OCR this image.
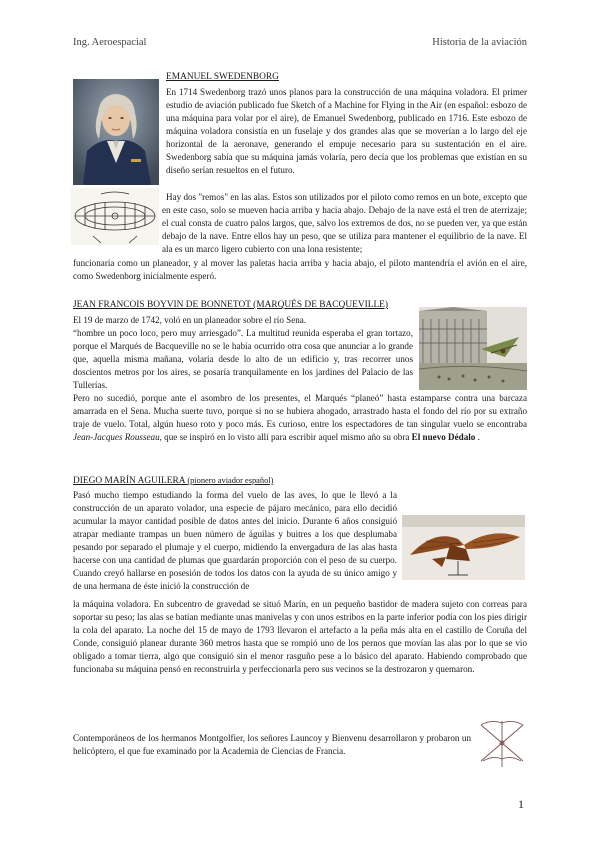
Ing. Aeroespacial	Historia de la aviación
EMANUEL SWEDENBORG

En 1714 Swedenborg trazó unos planos para la construcción de una máquina voladora. El primer estudio de aviación publicado fue Sketch of a Machine for Flying in the Air (en español: esbozo de una máquina para volar por el aire), de Emanuel Swedenborg, publicado en 1716. Este esbozo de máquina voladora consistía en un fuselaje y dos grandes alas que se moverían a lo largo del eje horizontal de la aeronave, generando el empuje necesario para su sustentación en el aire. Swedenborg sabía que su máquina jamás volaría, pero decía que los problemas que existían en su diseño serían resueltos en el futuro.

Hay dos "remos" en las alas. Estos son utilizados por el piloto como remos en un bote, excepto que en este caso, solo se mueven hacia arriba y hacia abajo. Debajo de la nave está el tren de aterrizaje; el cual consta de cuatro palos largos, que, salvo los extremos de dos, no se pueden ver, ya que están debajo de la nave. Entre ellos hay un peso, que se utiliza para mantener el equilibrio de la nave. El ala es un marco ligero cubierto con una lona resistente;

funcionaría como un planeador, y al mover las paletas hacia arriba y hacia abajo, el piloto mantendría el avión en el aire, como Swedenborg inicialmente esperó.

JEAN FRANCOIS BOYVIN DE BONNETOT (MARQUÉS DE BACQUEVILLE)

El 19 de marzo de 1742, voló en un planeador sobre el río Sena.

“hombre un poco loco, pero muy arriesgado”. La multitud reunida esperaba el gran tortazo, porque el Marqués de Bacqueville no se le había ocurrido otra cosa que anunciar a lo grande que, aquella misma mañana, volaría desde lo alto de un edificio y, tras recorrer unos doscientos metros por los aires, se posaría tranquilamente en los jardines del Palacio de las Tullerías.

Pero no sucedió, porque ante el asombro de los presentes, el Marqués “planeó” hasta estamparse contra una barcaza amarrada en el Sena. Mucha suerte tuvo, porque si no se hubiera ahogado, arrastrado hasta el fondo del río por su extraño traje de vuelo. Total, algún hueso roto y poco más. Es curioso, entre los espectadores de tan singular vuelo se encontraba Jean-Jacques Rousseau, que se inspiró en lo visto allí para escribir aquel mismo año su obra El nuevo Dédalo .

DIEGO MARÍN AGUILERA (pionero aviador español)

Pasó mucho tiempo estudiando la forma del vuelo de las aves, lo que le llevó a la construcción de un aparato volador, una especie de pájaro mecánico, para ello decidió acumular la mayor cantidad posible de datos antes del inicio. Durante 6 años consiguió atrapar mediante trampas un buen número de águilas y buitres a los que desplumaba pesando por separado el plumaje y el cuerpo, midiendo la envergadura de las alas hasta hacerse con una cantidad de plumas que guardarán proporción con el peso de su cuerpo. Cuando creyó hallarse en posesión de todos los datos con la ayuda de su único amigo y de una hermana de éste inició la construcción de

la máquina voladora. En subcentro de gravedad se situó Marín, en un pequeño bastidor de madera sujeto con correas para soportar su peso; las alas se batían mediante unas manivelas y con unos estribos en la parte inferior podía con los pies dirigir la cola del aparato. La noche del 15 de mayo de 1793 llevaron el artefacto a la peña más alta en el castillo de Coruña del Conde, consiguió planear durante 360 metros hasta que se rompió uno de los pernos que movían las alas por lo que se vio obligado a tomar tierra, algo que consiguió sin el menor rasguño pese a lo básico del aparato. Habiendo comprobado que funcionaba su máquina pensó en reconstruirla y perfeccionarla pero sus vecinos se la destrozaron y quemaron.

Contemporáneos de los hermanos Montgolfier, los señores Launcoy y Bienvenu desarrollaron y probaron un helicóptero, el que fue examinado por la Academia de Ciencias de Francia.

1
